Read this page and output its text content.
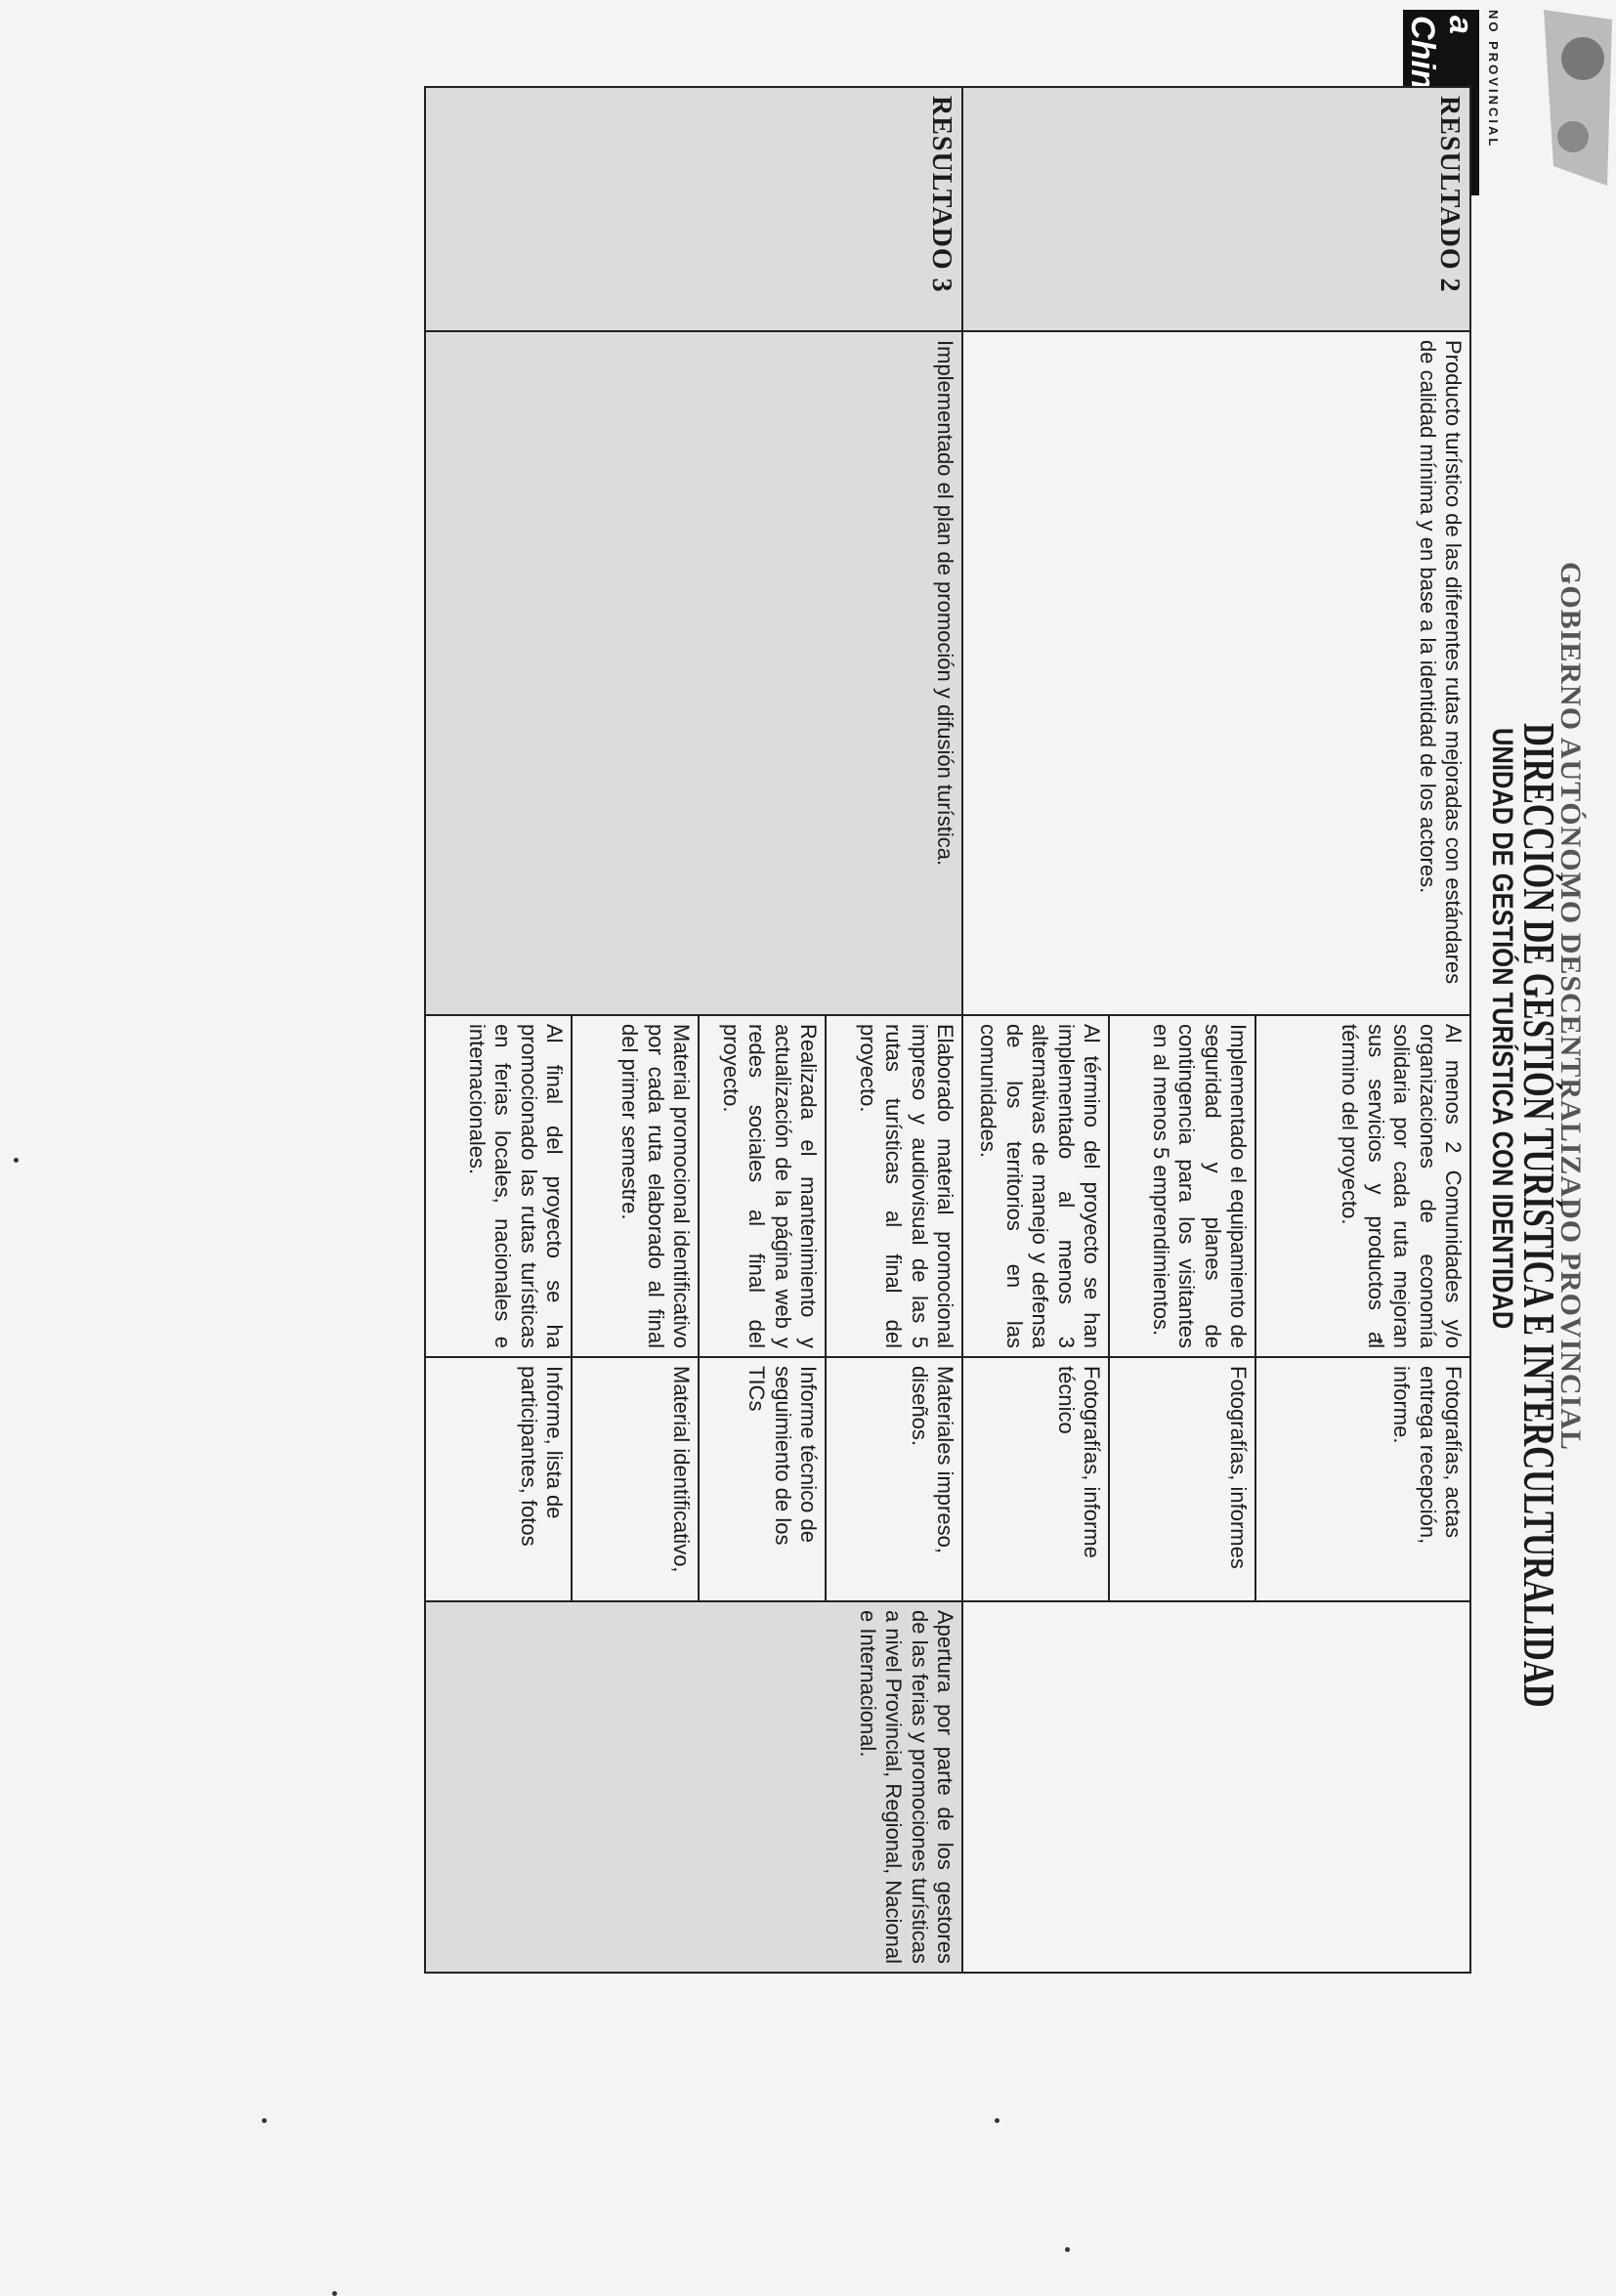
NO PROVINCIAL
a
GOBIERNO AUTÓNOMO DESCENTRALIZADO PROVINCIAL
DIRECCIÓN DE GESTIÓN TURÍSTICA E INTERCULTURALIDAD
UNIDAD DE GESTIÓN TURÍSTICA CON IDENTIDAD
RESULTADO 2	Producto turístico de las diferentes rutas mejoradas con estándares de calidad mínima y en base a la identidad de los actores.	Al menos 2 Comunidades y/o organizaciones de economía solidaria por cada ruta mejoran sus servicios y productos al término del proyecto.	Fotografías, actas entrega recepción, informe.	
		Implementado el equipamiento de seguridad y planes de contingencia para los visitantes en al menos 5 emprendimientos.	Fotografías, informes	
		Al término del proyecto se han implementado al menos 3 alternativas de manejo y defensa de los territorios en las comunidades.	Fotografías, informe técnico	

RESULTADO 3	Implementado el plan de promoción y difusión turística.	Elaborado material promocional impreso y audiovisual de las 5 rutas turísticas al final del proyecto.	Materiales impreso, diseños.	Apertura por parte de los gestores de las ferias y promociones turísticas a nivel Provincial, Regional, Nacional e Internacional.
		Realizada el mantenimiento y actualización de la página web y redes sociales al final del proyecto.	Informe técnico de seguimiento de los TICs	
		Material promocional identificativo por cada ruta elaborado al final del primer semestre.	Material identificativo,	
		Al final del proyecto se ha promocionado las rutas turísticas en ferias locales, nacionales e internacionales.	Informe, lista de participantes, fotos	
